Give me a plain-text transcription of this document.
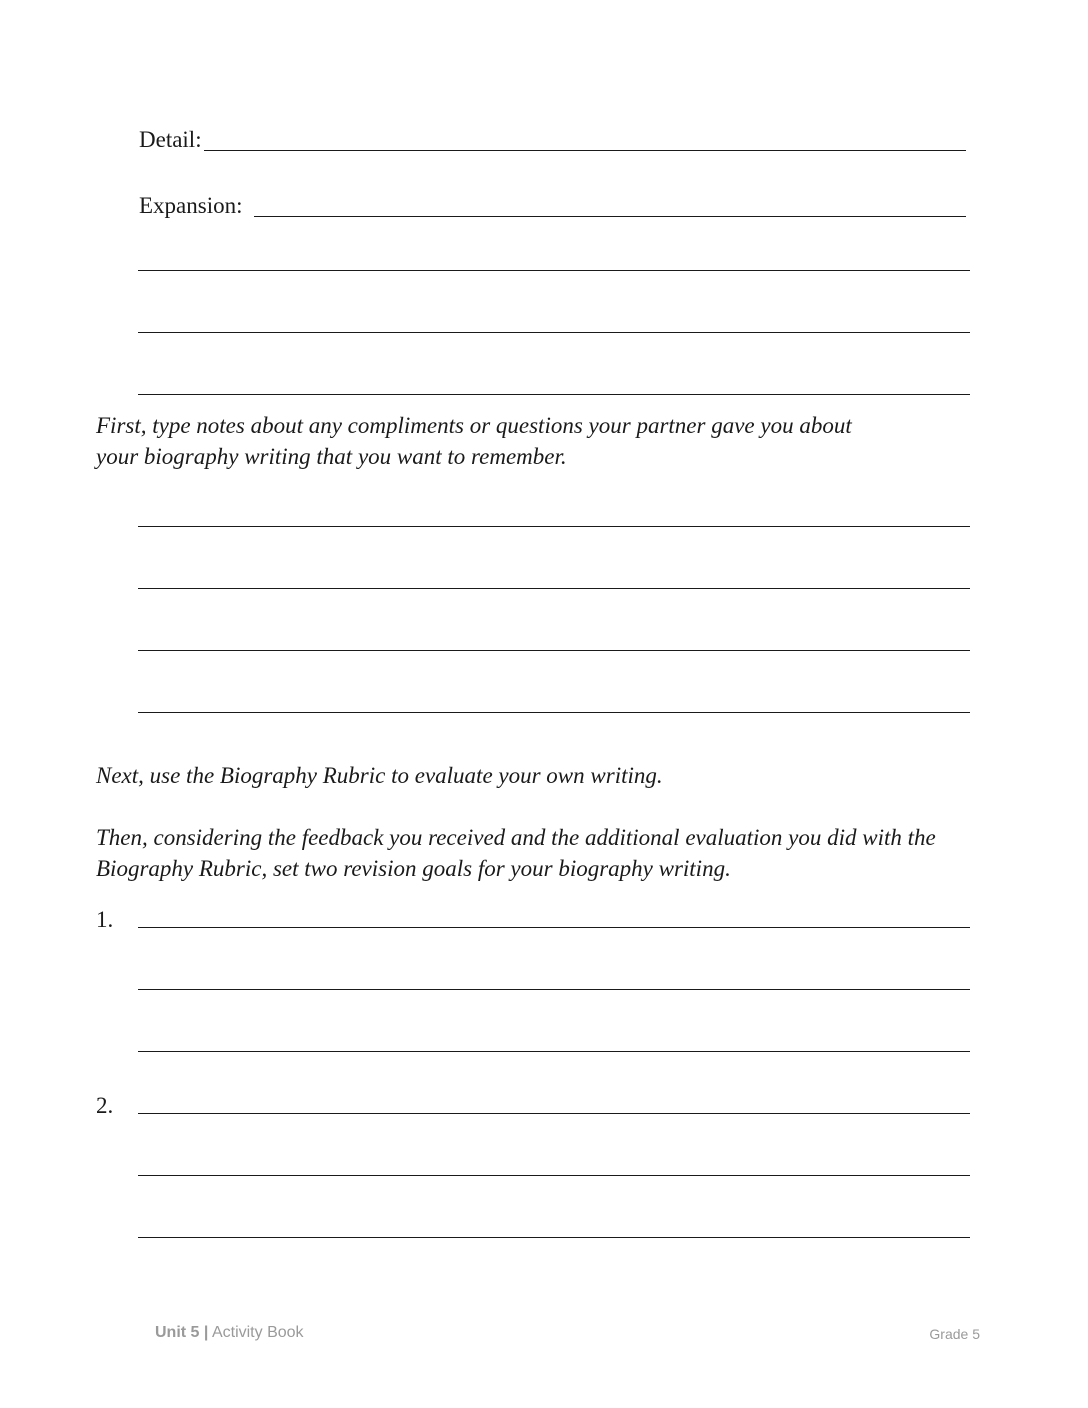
Detail:
Expansion:
First, type notes about any compliments or questions your partner gave you about your biography writing that you want to remember.
Next, use the Biography Rubric to evaluate your own writing.
Then, considering the feedback you received and the additional evaluation you did with the Biography Rubric, set two revision goals for your biography writing.
1.
2.
Unit 5 | Activity Book	Grade 5
